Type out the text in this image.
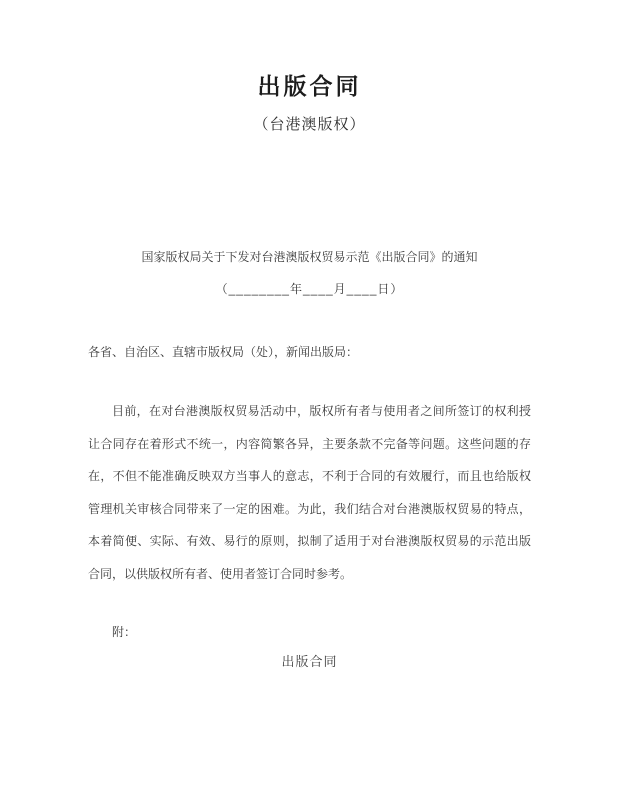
出版合同
（台港澳版权）
国家版权局关于下发对台港澳版权贸易示范《出版合同》的通知
（________年____月____日）
各省、自治区、直辖市版权局（处），新闻出版局：
目前，在对台港澳版权贸易活动中，版权所有者与使用者之间所签订的权利授让合同存在着形式不统一，内容简繁各异，主要条款不完备等问题。这些问题的存在，不但不能准确反映双方当事人的意志，不利于合同的有效履行，而且也给版权管理机关审核合同带来了一定的困难。为此，我们结合对台港澳版权贸易的特点，本着简便、实际、有效、易行的原则，拟制了适用于对台港澳版权贸易的示范出版合同，以供版权所有者、使用者签订合同时参考。
附：
出版合同
